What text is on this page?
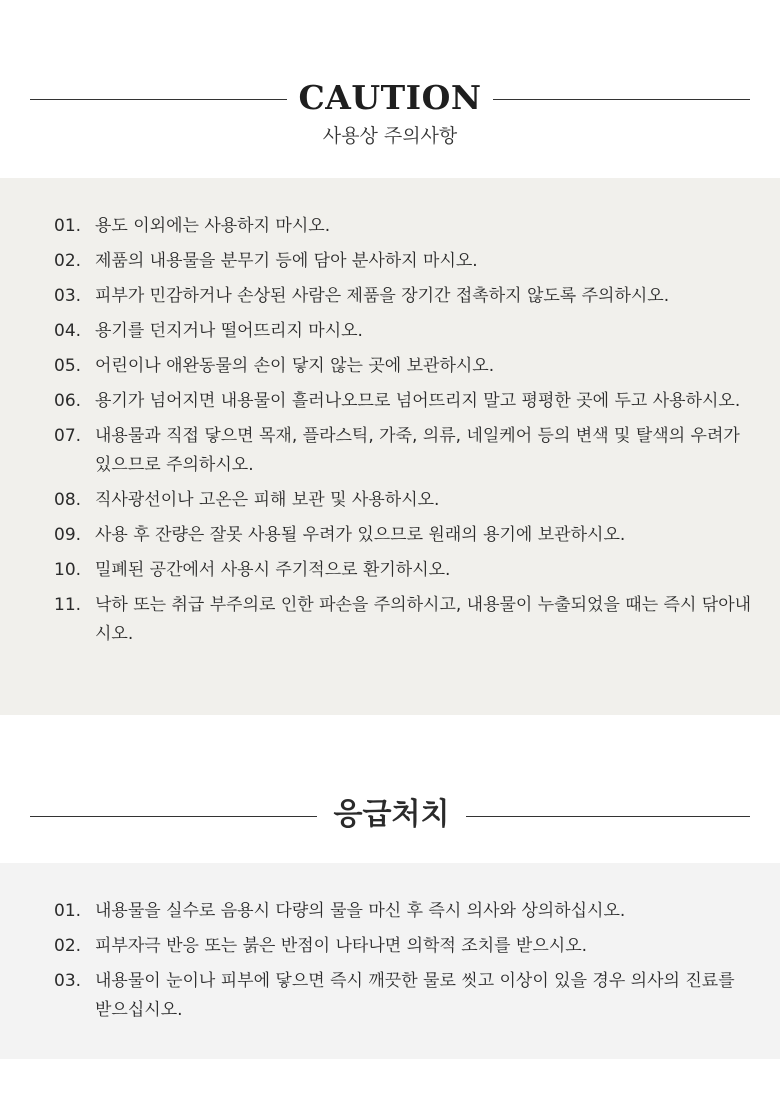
CAUTION
사용상 주의사항
01. 용도 이외에는 사용하지 마시오.
02. 제품의 내용물을 분무기 등에 담아 분사하지 마시오.
03. 피부가 민감하거나 손상된 사람은 제품을 장기간 접촉하지 않도록 주의하시오.
04. 용기를 던지거나 떨어뜨리지 마시오.
05. 어린이나 애완동물의 손이 닿지 않는 곳에 보관하시오.
06. 용기가 넘어지면 내용물이 흘러나오므로 넘어뜨리지 말고 평평한 곳에 두고 사용하시오.
07. 내용물과 직접 닿으면 목재, 플라스틱, 가죽, 의류, 네일케어 등의 변색 및 탈색의 우려가 있으므로 주의하시오.
08. 직사광선이나 고온은 피해 보관 및 사용하시오.
09. 사용 후 잔량은 잘못 사용될 우려가 있으므로 원래의 용기에 보관하시오.
10. 밀폐된 공간에서 사용시 주기적으로 환기하시오.
11. 낙하 또는 취급 부주의로 인한 파손을 주의하시고, 내용물이 누출되었을 때는 즉시 닦아내시오.
응급처치
01. 내용물을 실수로 음용시 다량의 물을 마신 후 즉시 의사와 상의하십시오.
02. 피부자극 반응 또는 붉은 반점이 나타나면 의학적 조치를 받으시오.
03. 내용물이 눈이나 피부에 닿으면 즉시 깨끗한 물로 씻고 이상이 있을 경우 의사의 진료를 받으십시오.
